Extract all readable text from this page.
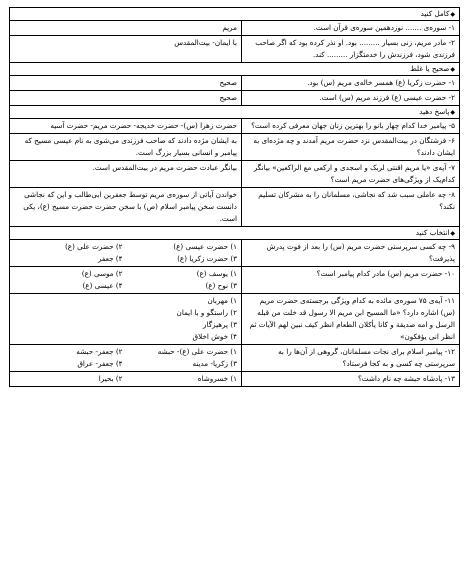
◆کامل کنید
۱- سوره‌ی ....... نوزدهمین سوره‌ی قرآن است.
مریم
۲- مادر مریم، زنی بسیار ......... بود. او نذر کرده بود که اگر صاحب فرزندی شود، فرزندش را خدمتگزار ......... کند.
با ایمان- بیت‌المقدس
◆صحیح یا غلط
۱- حضرت زکریا (ع) همسر خاله‌ی مریم (س) بود.
صحیح
۲- حضرت عیسی (ع) فرزند مریم (س) است.
صحیح
◆پاسخ دهید
۵- پیامبر خدا کدام چهار بانو را بهترین زنان جهان معرفی کرده است؟
حضرت زهرا (س)- حضرت خدیجه- حضرت مریم- حضرت آسیه
۶- فرشتگان در بیت‌المقدس نزد حضرت مریم آمدند و چه مژده‌ای به ایشان دادند؟
به ایشان مژده دادند که صاحب فرزندی می‌شوی به نام عیسی مسیح که پیامبر و انسانی بسیار بزرگ است.
۷- آیه‌ی «یا مریم اقنتی لربک و اسجدی و ارکعی مع الراکعین» بیانگر کدام‌یک از ویژگی‌های حضرت مریم است؟
بیانگر عبادت حضرت مریم در بیت‌المقدس است.
۸- چه عاملی سبب شد که نجاشی، مسلمانان را به مشرکان تسلیم نکند؟
خواندن آیاتی از سوره‌ی مریم توسط جعفربن ابی‌طالب و این که نجاشی دانست سخن پیامبر اسلام (ص) با سخن حضرت حضرت مسیح (ع)، یکی است.
◆انتخاب کنید
۹- چه کسی سرپرستی حضرت مریم (س) را بعد از فوت پدرش پذیرفت؟
۱) حضرت عیسی (ع)
۲) حضرت علی (ع)
۳) حضرت زکریا (ع)
۴) جعفر
۱۰- حضرت مریم (س) مادر کدام پیامبر است؟
۱) یوسف (ع)
۲) موسی (ع)
۳) نوح (ع)
۴) عیسی (ع)
۱۱- آیه‌ی ۷۵ سوره‌ی مائده به کدام ویژگی برجسته‌ی حضرت مریم (س) اشاره دارد؟ «ما المسیح ابن مریم الا رسول قد خلت من قبله الرسل و امه صدیقة و کانا یأکلان الطعام انظر کیف نبین لهم الآیات ثم انظر انی یؤفکون»
۱) مهربان
۲) راستگو و با ایمان
۳) پرهیزگار
۴) خوش اخلاق
۱۲- پیامبر اسلام برای نجات مسلمانان، گروهی از آن‌ها را به سرپرستی چه کسی و به کجا فرستاد؟
۱) حضرت علی (ع)- حبشه
۲) جعفر- حبشه
۳) زکریا- مدینه
۴) جعفر- عراق
۱۳- پادشاه حبشه چه نام داشت؟
۱) خسروشاه
۲) بحیرا
